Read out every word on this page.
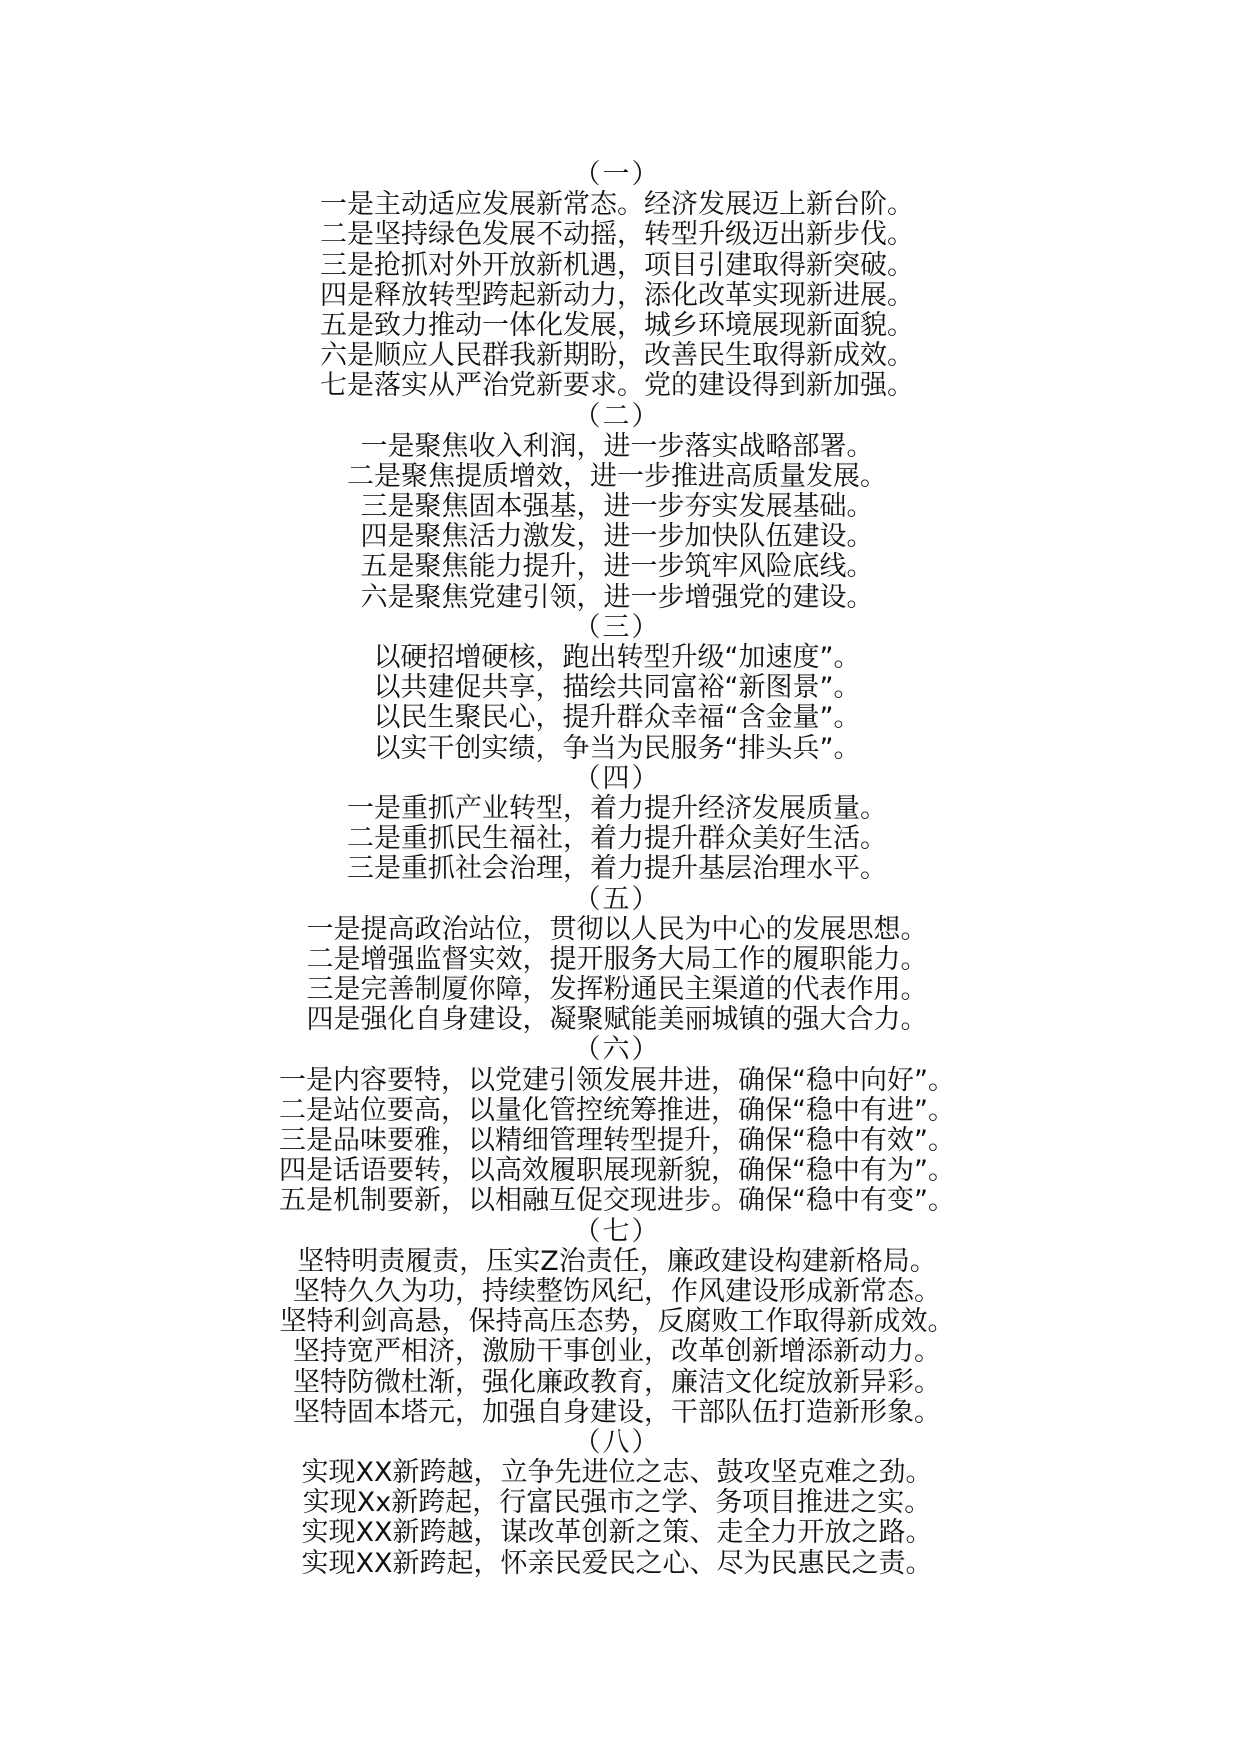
（一）
一是主动适应发展新常态。经济发展迈上新台阶。
二是坚持绿色发展不动摇，转型升级迈出新步伐。
三是抢抓对外开放新机遇，项目引建取得新突破。
四是释放转型跨起新动力，添化改革实现新进展。
五是致力推动一体化发展，城乡环境展现新面貌。
六是顺应人民群我新期盼，改善民生取得新成效。
七是落实从严治党新要求。党的建设得到新加强。
（二）
一是聚焦收入利润，进一步落实战略部署。
二是聚焦提质增效，进一步推进高质量发展。
三是聚焦固本强基，进一步夯实发展基础。
四是聚焦活力激发，进一步加快队伍建设。
五是聚焦能力提升，进一步筑牢风险底线。
六是聚焦党建引领，进一步增强党的建设。
（三）
以硬招增硬核，跑出转型升级“加速度”。
以共建促共享，描绘共同富裕“新图景”。
以民生聚民心，提升群众幸福“含金量”。
以实干创实绩，争当为民服务“排头兵”。
（四）
一是重抓产业转型，着力提升经济发展质量。
二是重抓民生福社，着力提升群众美好生活。
三是重抓社会治理，着力提升基层治理水平。
（五）
一是提高政治站位，贯彻以人民为中心的发展思想。
二是增强监督实效，提开服务大局工作的履职能力。
三是完善制厦你障，发挥粉通民主渠道的代表作用。
四是强化自身建设，凝聚赋能美丽城镇的强大合力。
（六）
一是内容要特，以党建引领发展井进，确保“稳中向好”。
二是站位要高，以量化管控统筹推进，确保“稳中有进”。
三是品味要雅，以精细管理转型提升，确保“稳中有效”。
四是话语要转，以高效履职展现新貌，确保“稳中有为”。
五是机制要新，以相融互促交现进步。确保“稳中有变”。
（七）
坚特明责履责，压实Z治责任，廉政建设构建新格局。
坚特久久为功，持续整饬风纪，作风建设形成新常态。
坚特利剑高悬，保持高压态势，反腐败工作取得新成效。
坚持宽严相济，激励干事创业，改革创新增添新动力。
坚特防微杜渐，强化廉政教育，廉洁文化绽放新异彩。
坚特固本塔元，加强自身建设，干部队伍打造新形象。
（八）
实现XX新跨越，立争先进位之志、鼓攻坚克难之劲。
实现Xx新跨起，行富民强市之学、务项目推进之实。
实现XX新跨越，谋改革创新之策、走全力开放之路。
实现XX新跨起，怀亲民爱民之心、尽为民惠民之责。
